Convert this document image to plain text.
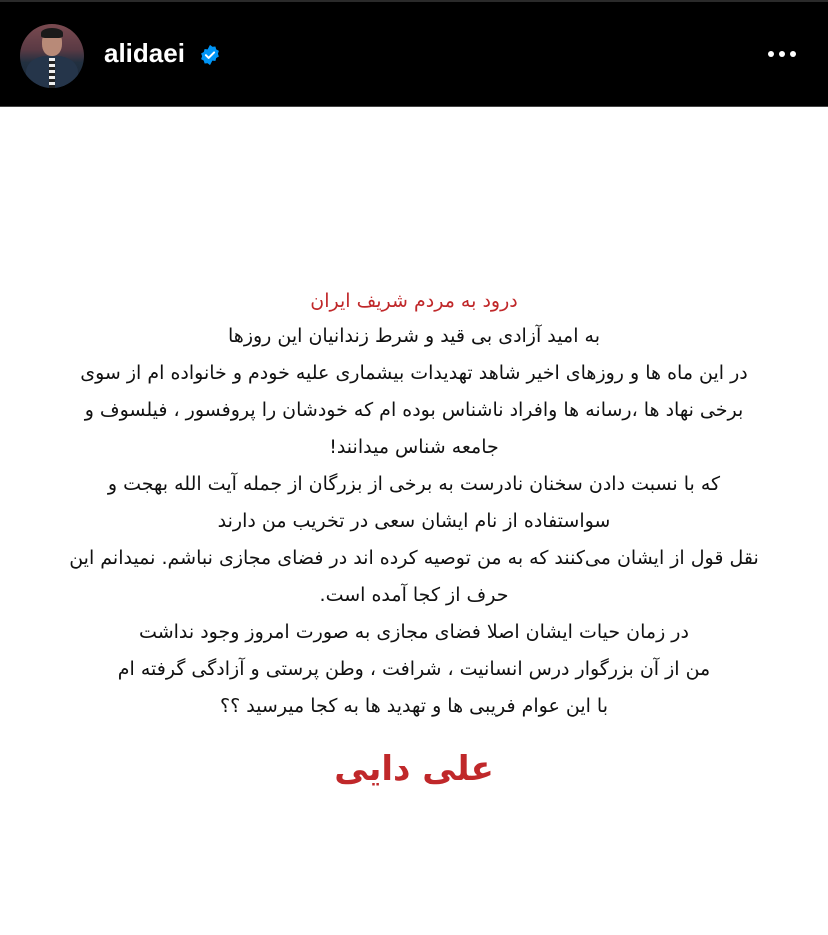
alidaei
درود به مردم شریف ایران
به امید آزادی بی قید و شرط زندانیان این روزها
در این ماه ها و روزهای اخیر شاهد تهدیدات بیشماری علیه خودم و خانواده ام از سوی
برخی نهاد ها ،رسانه ها وافراد ناشناس بوده ام که خودشان را پروفسور ، فیلسوف و
جامعه شناس میدانند!
که با نسبت دادن سخنان نادرست به برخی از بزرگان از جمله آیت الله بهجت و
سواستفاده از نام ایشان سعی در تخریب من دارند
نقل قول از ایشان می‌کنند که به من توصیه کرده اند در فضای مجازی نباشم. نمیدانم این
حرف از کجا آمده است.
در زمان حیات ایشان اصلا فضای مجازی به صورت امروز وجود نداشت
من از آن بزرگوار درس انسانیت ، شرافت ، وطن پرستی و آزادگی گرفته ام
با این عوام فریبی ها و تهدید ها به کجا میرسید ؟؟
علی دایی
